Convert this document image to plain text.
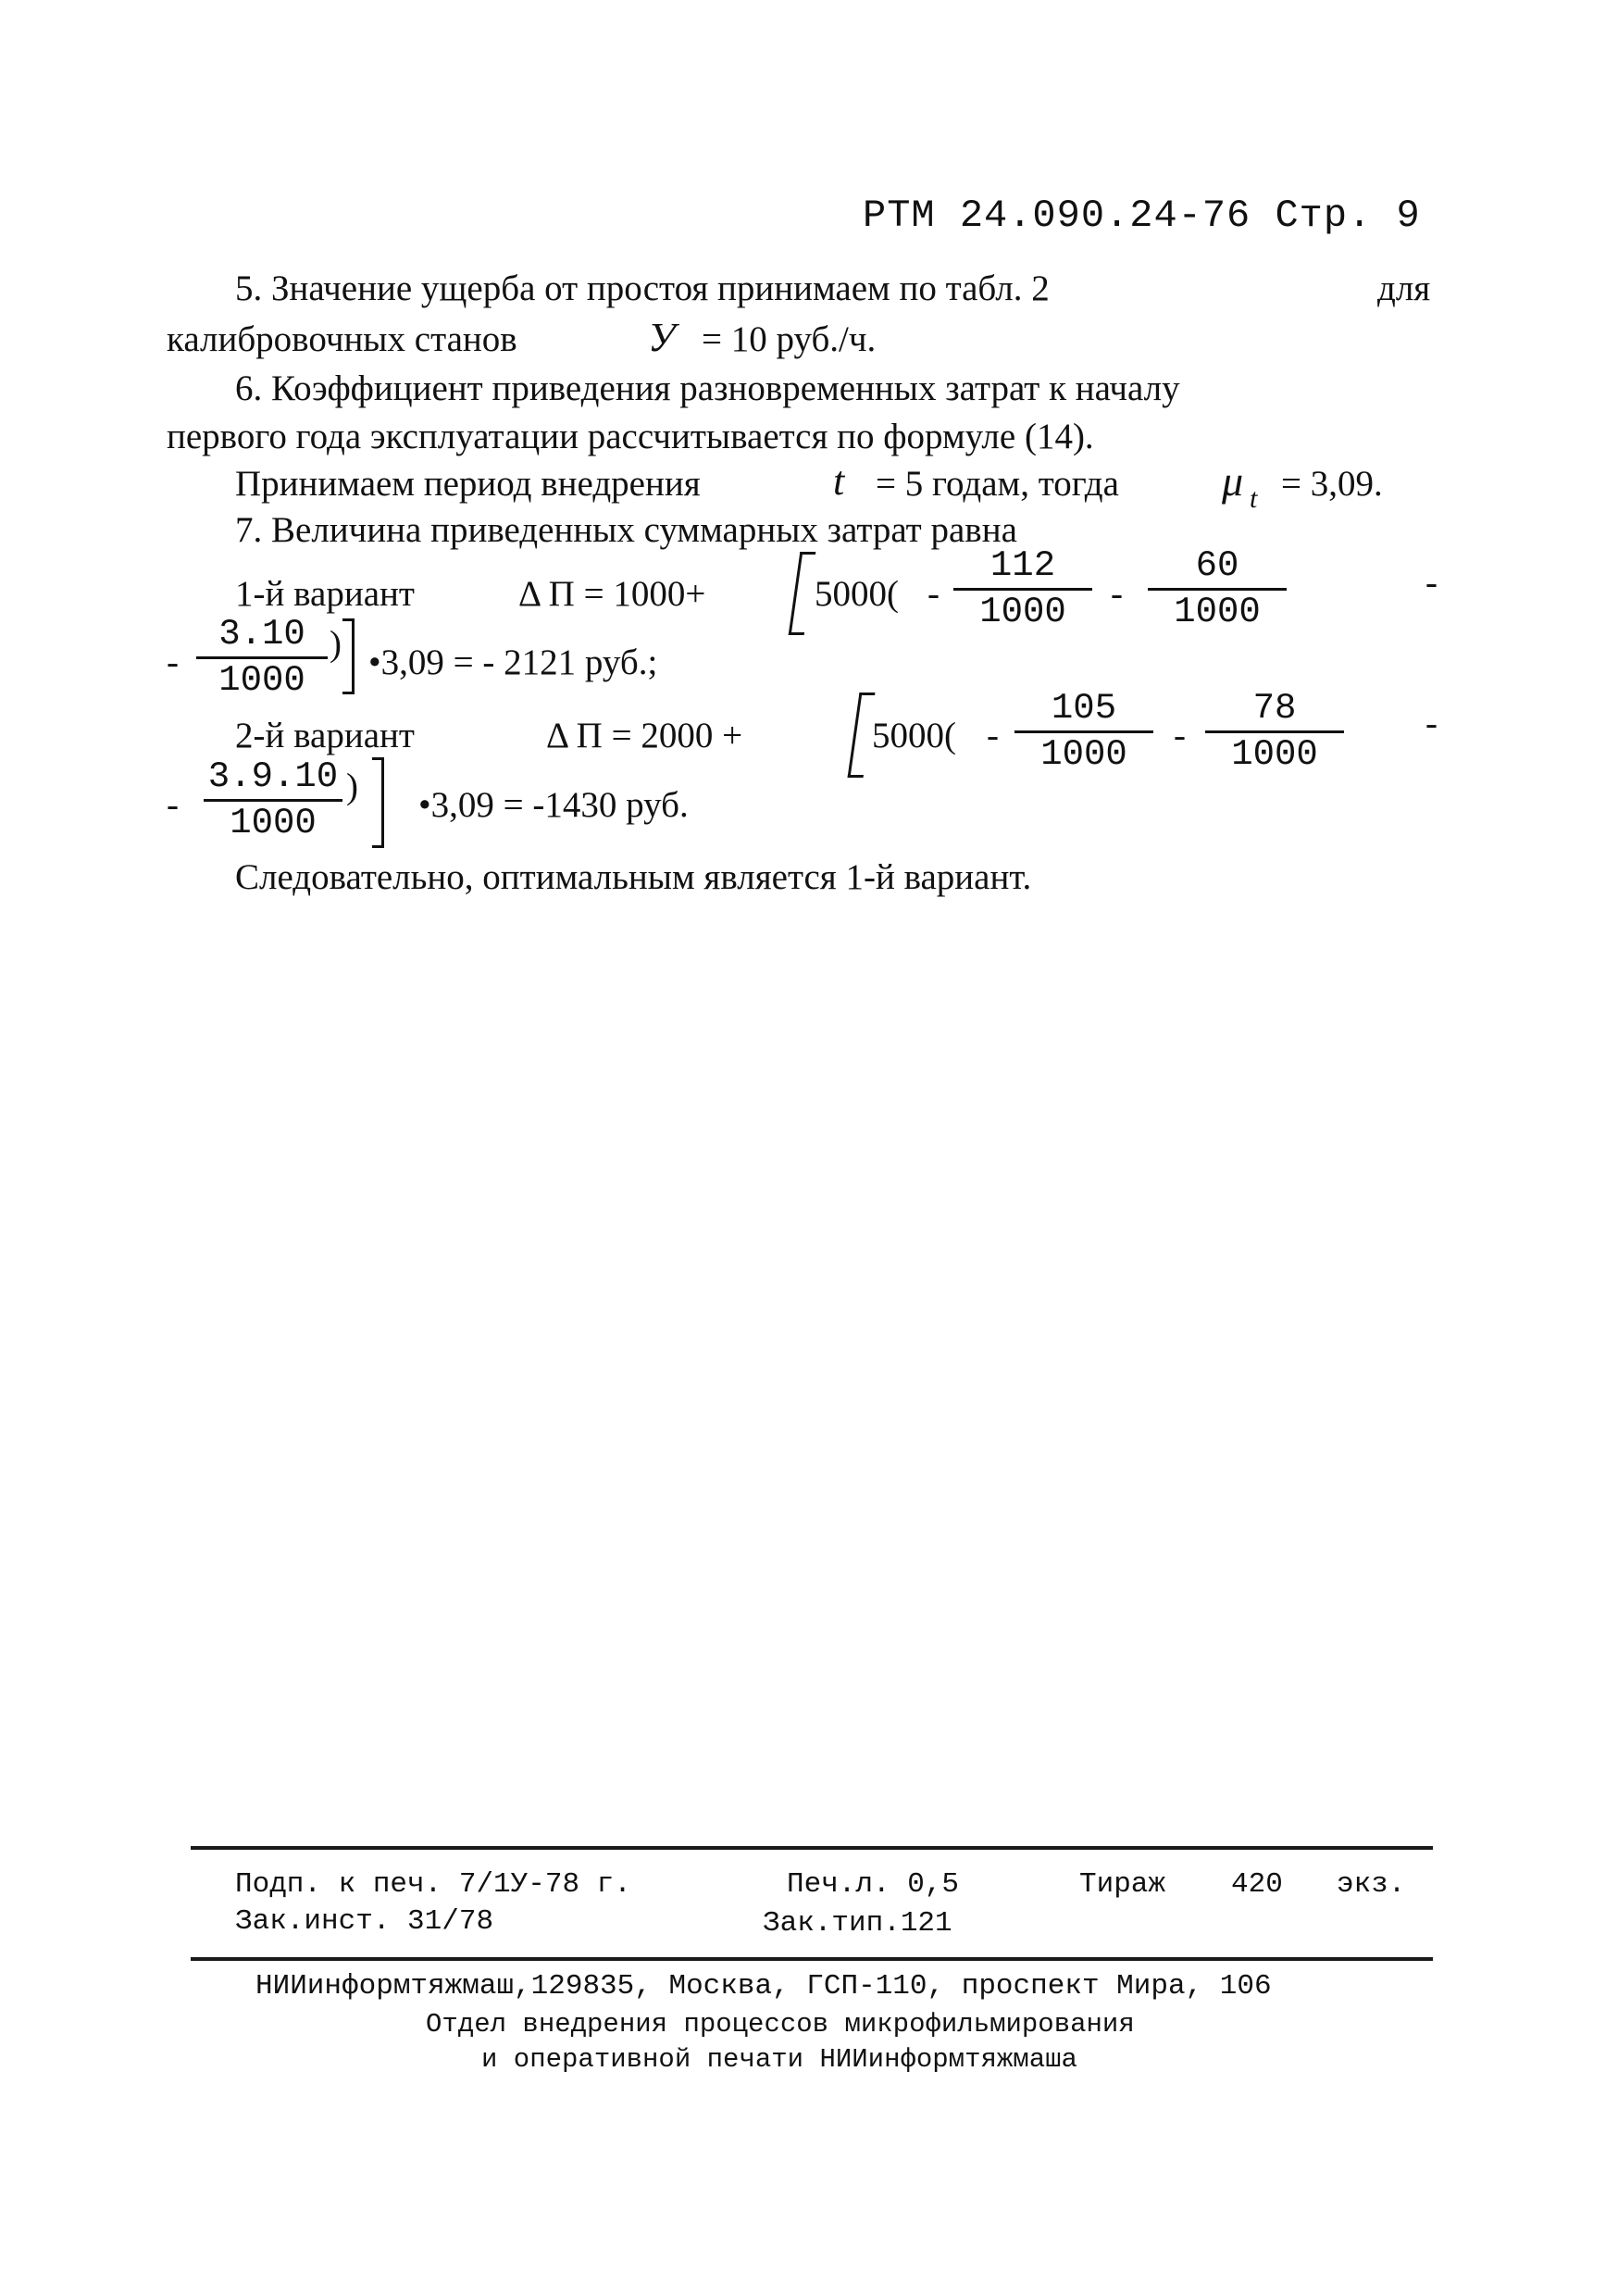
РТМ 24.090.24-76 Стр. 9
5. Значение ущерба от простоя принимаем по табл. 2	для
калибровочных станов	У = 10 руб./ч.
6. Коэффициент приведения разновременных затрат к началу
первого года эксплуатации рассчитывается по формуле (14).
Принимаем период внедрения	t = 5 годам, тогда μ t = 3,09.
7. Величина приведенных суммарных затрат равна
1-й вариант	Δ П = 1000+	5000( -
112
1000	-
60
1000
-
-
3.10
1000
) •3,09 = - 2121 руб.;
2-й вариант	Δ П = 2000 +	5000( -
105
1000	-
78
1000
-
-
3.9.10
1000
) •3,09 = -1430 руб.
Следовательно, оптимальным является 1-й вариант.
Подп. к печ. 7/1У-78 г.	Печ.л. 0,5	Тираж 420 экз.
Зак.инст. 31/78	Зак.тип.121
НИИинформтяжмаш,129835, Москва, ГСП-110, проспект Мира, 106
Отдел внедрения процессов микрофильмирования
и оперативной печати НИИинформтяжмаша
